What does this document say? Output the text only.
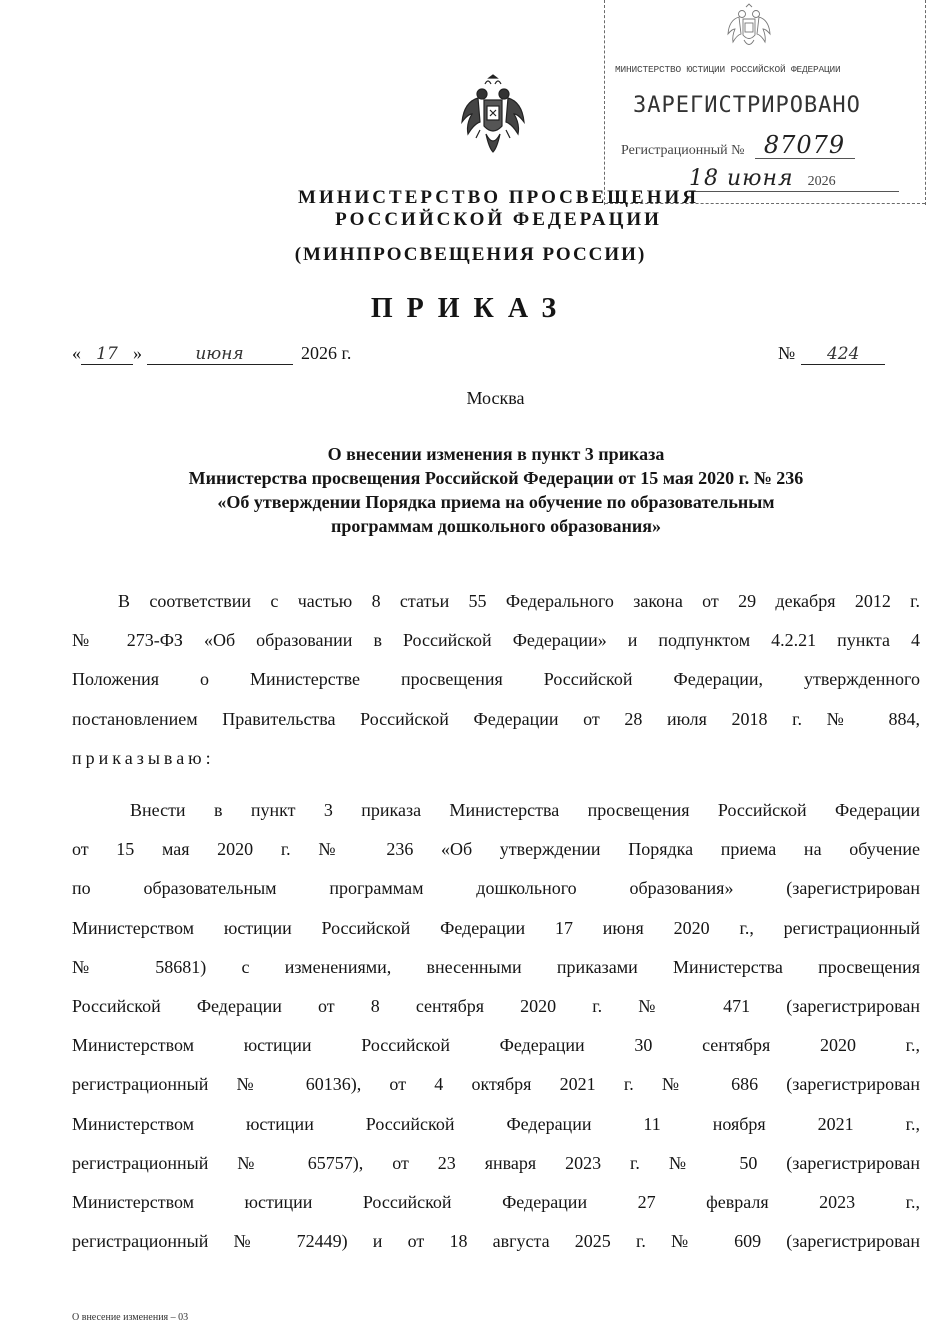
МИНИСТЕРСТВО ЮСТИЦИИ РОССИЙСКОЙ ФЕДЕРАЦИИ
ЗАРЕГИСТРИРОВАНО
Регистрационный № 87079
18 июня 2026
МИНИСТЕРСТВО ПРОСВЕЩЕНИЯ
РОССИЙСКОЙ ФЕДЕРАЦИИ
(МИНПРОСВЕЩЕНИЯ РОССИИ)
ПРИКАЗ
« 17 »	июня	2026 г.	№ 424
Москва
О внесении изменения в пункт 3 приказа
Министерства просвещения Российской Федерации от 15 мая 2020 г. № 236
«Об утверждении Порядка приема на обучение по образовательным
программам дошкольного образования»
В соответствии с частью 8 статьи 55 Федерального закона от 29 декабря 2012 г.
№ 273-ФЗ «Об образовании в Российской Федерации» и подпунктом 4.2.21 пункта 4
Положения о Министерстве просвещения Российской Федерации, утвержденного
постановлением Правительства Российской Федерации от 28 июля 2018 г. № 884,
приказываю:
Внести в пункт 3 приказа Министерства просвещения Российской Федерации
от 15 мая 2020 г. № 236 «Об утверждении Порядка приема на обучение
по образовательным программам дошкольного образования» (зарегистрирован
Министерством юстиции Российской Федерации 17 июня 2020 г., регистрационный
№ 58681) с изменениями, внесенными приказами Министерства просвещения
Российской Федерации от 8 сентября 2020 г. № 471 (зарегистрирован
Министерством юстиции Российской Федерации 30 сентября 2020 г.,
регистрационный № 60136), от 4 октября 2021 г. № 686 (зарегистрирован
Министерством юстиции Российской Федерации 11 ноября 2021 г.,
регистрационный № 65757), от 23 января 2023 г. № 50 (зарегистрирован
Министерством юстиции Российской Федерации 27 февраля 2023 г.,
регистрационный № 72449) и от 18 августа 2025 г. № 609 (зарегистрирован
О внесение изменения – 03
